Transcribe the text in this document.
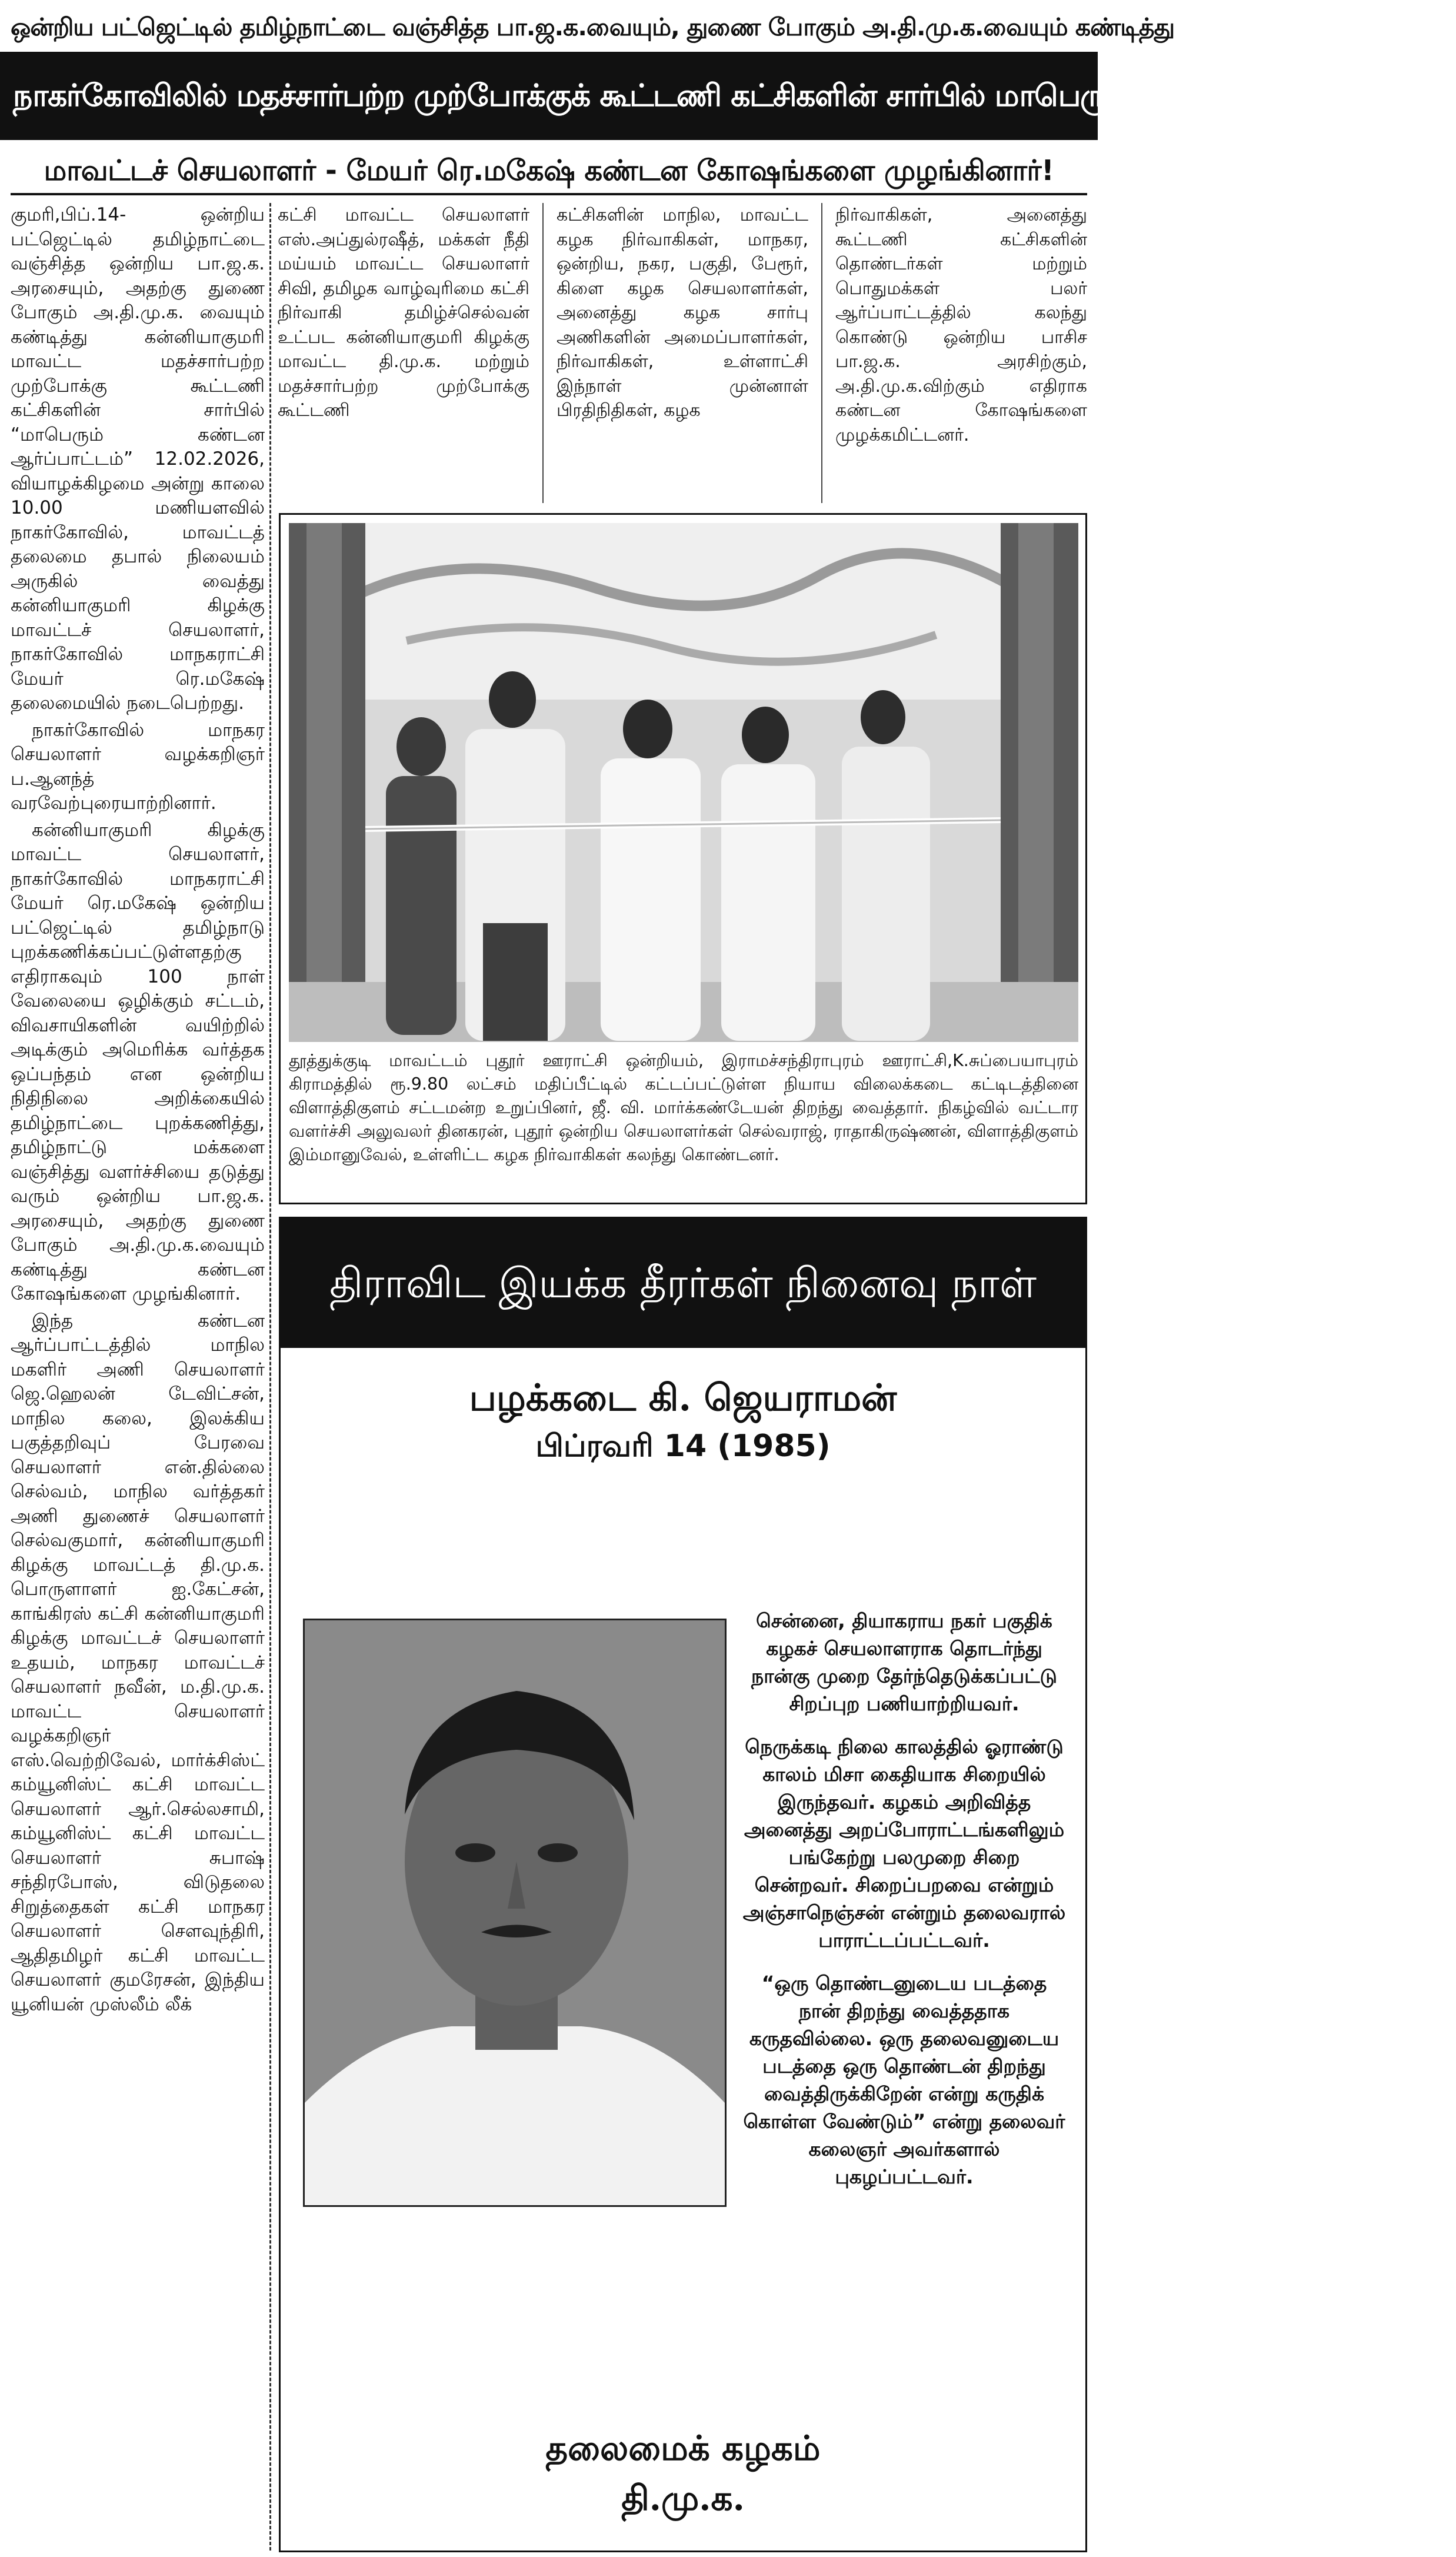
ஒன்றிய பட்ஜெட்டில் தமிழ்நாட்டை வஞ்சித்த பா.ஜ.க.வையும், துணை போகும் அ.தி.மு.க.வையும் கண்டித்து
நாகர்கோவிலில் மதச்சார்பற்ற முற்போக்குக் கூட்டணி கட்சிகளின் சார்பில் மாபெரும் கண்டன ஆர்ப்பாட்டம்!
மாவட்டச் செயலாளர் - மேயர் ரெ.மகேஷ் கண்டன கோஷங்களை முழங்கினார்!

குமரி,பிப்.14- ஒன்றிய பட்ஜெட்டில் தமிழ்நாட்டை வஞ்சித்த ஒன்றிய பா.ஜ.க. அரசையும், அதற்கு துணை போகும் அ.தி.மு.க. வையும் கண்டித்து கன்னியாகுமரி மாவட்ட மதச்சார்பற்ற முற்போக்கு கூட்டணி கட்சிகளின் சார்பில் “மாபெரும் கண்டன ஆர்ப்பாட்டம்” 12.02.2026, வியாழக்கிழமை அன்று காலை 10.00 மணியளவில் நாகர்கோவில், மாவட்டத் தலைமை தபால் நிலையம் அருகில் வைத்து கன்னியாகுமரி கிழக்கு மாவட்டச் செயலாளர், நாகர்கோவில் மாநகராட்சி மேயர் ரெ.மகேஷ் தலைமையில் நடைபெற்றது.

நாகர்கோவில் மாநகர செயலாளர் வழக்கறிஞர் ப.ஆனந்த் வரவேற்புரையாற்றினார்.

கன்னியாகுமரி கிழக்கு மாவட்ட செயலாளர், நாகர்கோவில் மாநகராட்சி மேயர் ரெ.மகேஷ் ஒன்றிய பட்ஜெட்டில் தமிழ்நாடு புறக்கணிக்கப்பட்டுள்ளதற்கு எதிராகவும் 100 நாள் வேலையை ஒழிக்கும் சட்டம், விவசாயிகளின் வயிற்றில் அடிக்கும் அமெரிக்க வர்த்தக ஒப்பந்தம் என ஒன்றிய நிதிநிலை அறிக்கையில் தமிழ்நாட்டை புறக்கணித்து, தமிழ்நாட்டு மக்களை வஞ்சித்து வளர்ச்சியை தடுத்து வரும் ஒன்றிய பா.ஜ.க. அரசையும், அதற்கு துணை போகும் அ.தி.மு.க.வையும் கண்டித்து கண்டன கோஷங்களை முழங்கினார்.

இந்த கண்டன ஆர்ப்பாட்டத்தில் மாநில மகளிர் அணி செயலாளர் ஜெ.ஹெலன் டேவிட்சன், மாநில கலை, இலக்கிய பகுத்தறிவுப் பேரவை செயலாளர் என்.தில்லை செல்வம், மாநில வர்த்தகர் அணி துணைச் செயலாளர் செல்வகுமார், கன்னியாகுமரி கிழக்கு மாவட்டத் தி.மு.க. பொருளாளர் ஐ.கேட்சன், காங்கிரஸ் கட்சி கன்னியாகுமரி கிழக்கு மாவட்டச் செயலாளர் உதயம், மாநகர மாவட்டச் செயலாளர் நவீன், ம.தி.மு.க. மாவட்ட செயலாளர் வழக்கறிஞர் எஸ்.வெற்றிவேல், மார்க்சிஸ்ட் கம்யூனிஸ்ட் கட்சி மாவட்ட செயலாளர் ஆர்.செல்லசாமி, கம்யூனிஸ்ட் கட்சி மாவட்ட செயலாளர் சுபாஷ் சந்திரபோஸ், விடுதலை சிறுத்தைகள் கட்சி மாநகர செயலாளர் சௌவுந்திரி, ஆதிதமிழர் கட்சி மாவட்ட செயலாளர் குமரேசன், இந்திய யூனியன் முஸ்லீம் லீக்

கட்சி மாவட்ட செயலாளர் எஸ்.அப்துல்ரஷீத், மக்கள் நீதி மய்யம் மாவட்ட செயலாளர் சிவி, தமிழக வாழ்வுரிமை கட்சி நிர்வாகி தமிழ்ச்செல்வன் உட்பட கன்னியாகுமரி கிழக்கு மாவட்ட தி.மு.க. மற்றும் மதச்சார்பற்ற முற்போக்கு கூட்டணி
கட்சிகளின் மாநில, மாவட்ட கழக நிர்வாகிகள், மாநகர, ஒன்றிய, நகர, பகுதி, பேரூர், கிளை கழக செயலாளர்கள், அனைத்து கழக சார்பு அணிகளின் அமைப்பாளர்கள், நிர்வாகிகள், உள்ளாட்சி இந்நாள் முன்னாள் பிரதிநிதிகள், கழக
நிர்வாகிகள், அனைத்து கூட்டணி கட்சிகளின் தொண்டர்கள் மற்றும் பொதுமக்கள் பலர் ஆர்ப்பாட்டத்தில் கலந்து கொண்டு ஒன்றிய பாசிச பா.ஜ.க. அரசிற்கும், அ.தி.மு.க.விற்கும் எதிராக கண்டன கோஷங்களை முழக்கமிட்டனர்.
தூத்துக்குடி மாவட்டம் புதூர் ஊராட்சி ஒன்றியம், இராமச்சந்திராபுரம் ஊராட்சி,K.சுப்பையாபுரம் கிராமத்தில் ரூ.9.80 லட்சம் மதிப்பீட்டில் கட்டப்பட்டுள்ள நியாய விலைக்கடை கட்டிடத்தினை விளாத்திகுளம் சட்டமன்ற உறுப்பினர், ஜீ. வி. மார்க்கண்டேயன் திறந்து வைத்தார். நிகழ்வில் வட்டார வளர்ச்சி அலுவலர் தினகரன், புதூர் ஒன்றிய செயலாளர்கள் செல்வராஜ், ராதாகிருஷ்ணன், விளாத்திகுளம் இம்மானுவேல், உள்ளிட்ட கழக நிர்வாகிகள் கலந்து கொண்டனர்.
திராவிட இயக்க தீரர்கள் நினைவு நாள்
பழக்கடை கி. ஜெயராமன்
பிப்ரவரி 14 (1985)

சென்னை, தியாகராய நகர் பகுதிக் கழகச் செயலாளராக தொடர்ந்து நான்கு முறை தேர்ந்தெடுக்கப்பட்டு சிறப்புற பணியாற்றியவர்.

நெருக்கடி நிலை காலத்தில் ஓராண்டு காலம் மிசா கைதியாக சிறையில் இருந்தவர். கழகம் அறிவித்த அனைத்து அறப்போராட்டங்களிலும் பங்கேற்று பலமுறை சிறை சென்றவர். சிறைப்பறவை என்றும் அஞ்சாநெஞ்சன் என்றும் தலைவரால் பாராட்டப்பட்டவர்.

“ஒரு தொண்டனுடைய படத்தை நான் திறந்து வைத்ததாக கருதவில்லை. ஒரு தலைவனுடைய படத்தை ஒரு தொண்டன் திறந்து வைத்திருக்கிறேன் என்று கருதிக் கொள்ள வேண்டும்” என்று தலைவர் கலைஞர் அவர்களால் புகழப்பட்டவர்.

தலைமைக் கழகம்
தி.மு.க.
